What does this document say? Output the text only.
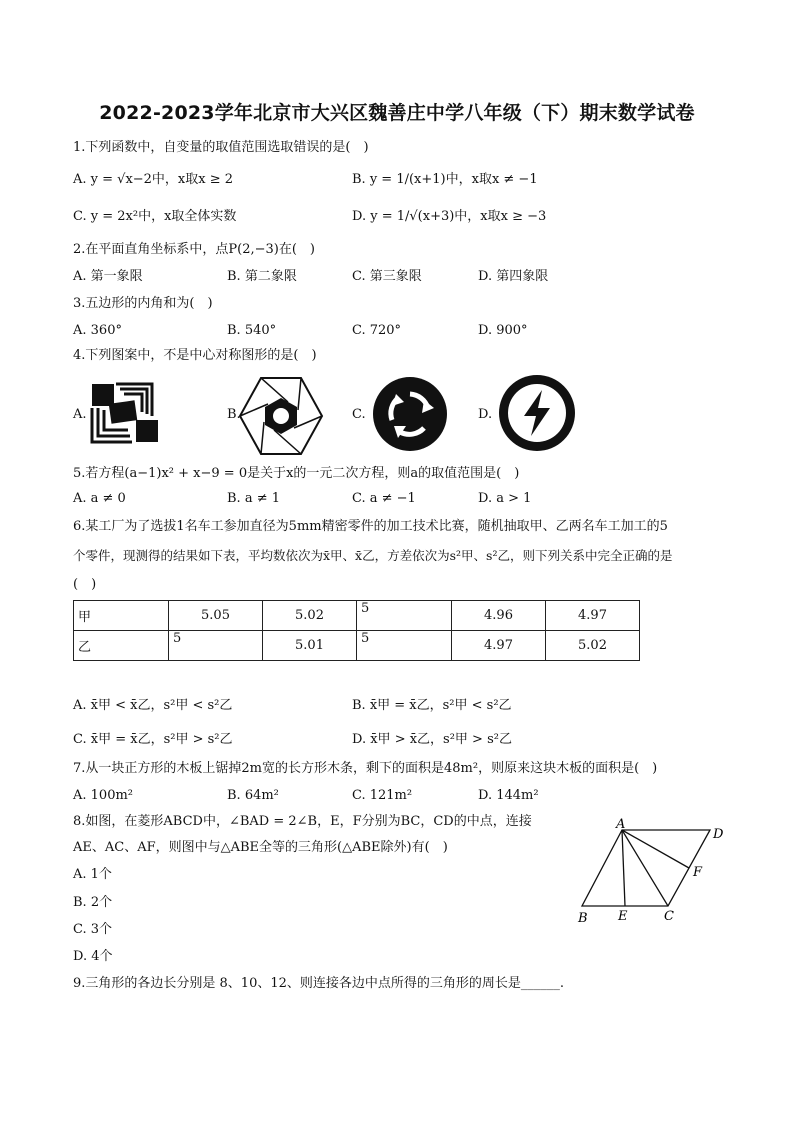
2022-2023学年北京市大兴区魏善庄中学八年级（下）期末数学试卷
1.下列函数中，自变量的取值范围选取错误的是(　)
A. y = √x−2中，x取x ≥ 2	B. y = 1/(x+1)中，x取x ≠ −1
C. y = 2x²中，x取全体实数	D. y = 1/√(x+3)中，x取x ≥ −3
2.在平面直角坐标系中，点P(2,−3)在(　)
A. 第一象限	B. 第二象限	C. 第三象限	D. 第四象限
3.五边形的内角和为(　)
A. 360°	B. 540°	C. 720°	D. 900°
4.下列图案中，不是中心对称图形的是(　)
A.	B.	C.	D.
5.若方程(a−1)x² + x−9 = 0是关于x的一元二次方程，则a的取值范围是(　)
A. a ≠ 0	B. a ≠ 1	C. a ≠ −1	D. a > 1
6.某工厂为了选拔1名车工参加直径为5mm精密零件的加工技术比赛，随机抽取甲、乙两名车工加工的5
个零件，现测得的结果如下表，平均数依次为x̄甲、x̄乙，方差依次为s²甲、s²乙，则下列关系中完全正确的是
(　)
甲	5.05	5.02	5	4.96	4.97
乙	5	5.01	5	4.97	5.02
A. x̄甲 < x̄乙，s²甲 < s²乙	B. x̄甲 = x̄乙，s²甲 < s²乙
C. x̄甲 = x̄乙，s²甲 > s²乙	D. x̄甲 > x̄乙，s²甲 > s²乙
7.从一块正方形的木板上锯掉2m宽的长方形木条，剩下的面积是48m²，则原来这块木板的面积是(　)
A. 100m²	B. 64m²	C. 121m²	D. 144m²
8.如图，在菱形ABCD中，∠BAD = 2∠B，E，F分别为BC，CD的中点，连接
AE、AC、AF，则图中与△ABE全等的三角形(△ABE除外)有(　)
A. 1个
B. 2个
C. 3个
D. 4个
A
D
F
B E	C
9.三角形的各边长分别是 8、10、12、则连接各边中点所得的三角形的周长是______.
